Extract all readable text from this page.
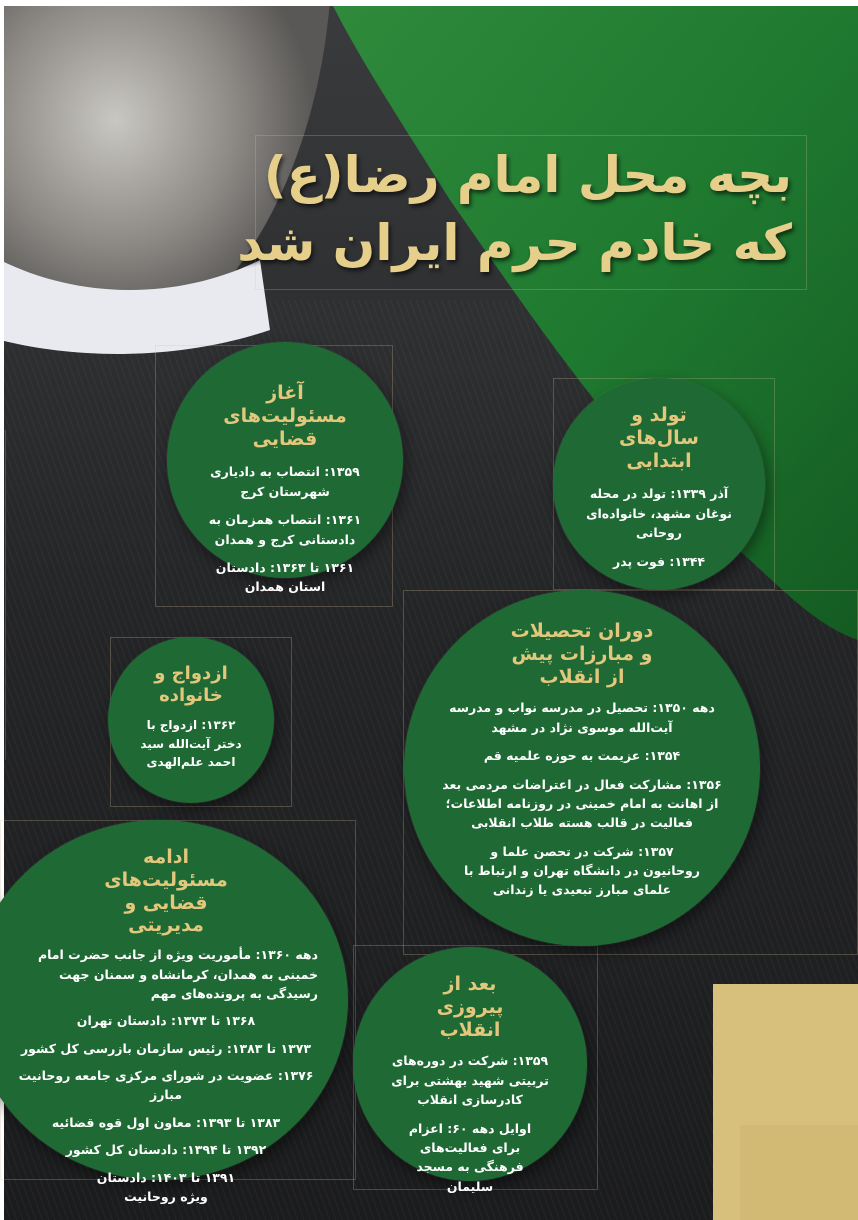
بچه محل امام رضا(ع)
که خادم حرم ایران شد
آغاز مسئولیت‌های قضایی
۱۳۵۹: انتصاب به دادیاری شهرستان کرج
۱۳۶۱: انتصاب همزمان به دادستانی کرج و همدان
۱۳۶۱ تا ۱۳۶۳: دادستان استان همدان
تولد و سال‌های ابتدایی
آذر ۱۳۳۹: تولد در محله نوغان مشهد، خانواده‌ای روحانی
۱۳۴۴: فوت پدر
دوران تحصیلات و مبارزات پیش از انقلاب
دهه ۱۳۵۰: تحصیل در مدرسه نواب و مدرسه آیت‌الله موسوی نژاد در مشهد
۱۳۵۴: عزیمت به حوزه علمیه قم
۱۳۵۶: مشارکت فعال در اعتراضات مردمی بعد از اهانت به امام خمینی در روزنامه اطلاعات؛ فعالیت در قالب هسته طلاب انقلابی
۱۳۵۷: شرکت در تحصن علما و روحانیون در دانشگاه تهران و ارتباط با علمای مبارز تبعیدی یا زندانی
ازدواج و خانواده
۱۳۶۲: ازدواج با دختر آیت‌الله سید احمد علم‌الهدی
ادامه مسئولیت‌های قضایی و مدیریتی
دهه ۱۳۶۰: مأموریت ویژه از جانب حضرت امام خمینی به همدان، کرمانشاه و سمنان جهت رسیدگی به پرونده‌های مهم
۱۳۶۸ تا ۱۳۷۳: دادستان تهران
۱۳۷۳ تا ۱۳۸۳: رئیس سازمان بازرسی کل کشور
۱۳۷۶: عضویت در شورای مرکزی جامعه روحانیت مبارز
۱۳۸۳ تا ۱۳۹۳: معاون اول قوه قضائیه
۱۳۹۲ تا ۱۳۹۴: دادستان کل کشور
۱۳۹۱ تا ۱۴۰۳: دادستان ویژه روحانیت
بعد از پیروزی انقلاب
۱۳۵۹: شرکت در دوره‌های تربیتی شهید بهشتی برای کادرسازی انقلاب
اوایل دهه ۶۰: اعزام برای فعالیت‌های فرهنگی به مسجد سلیمان
